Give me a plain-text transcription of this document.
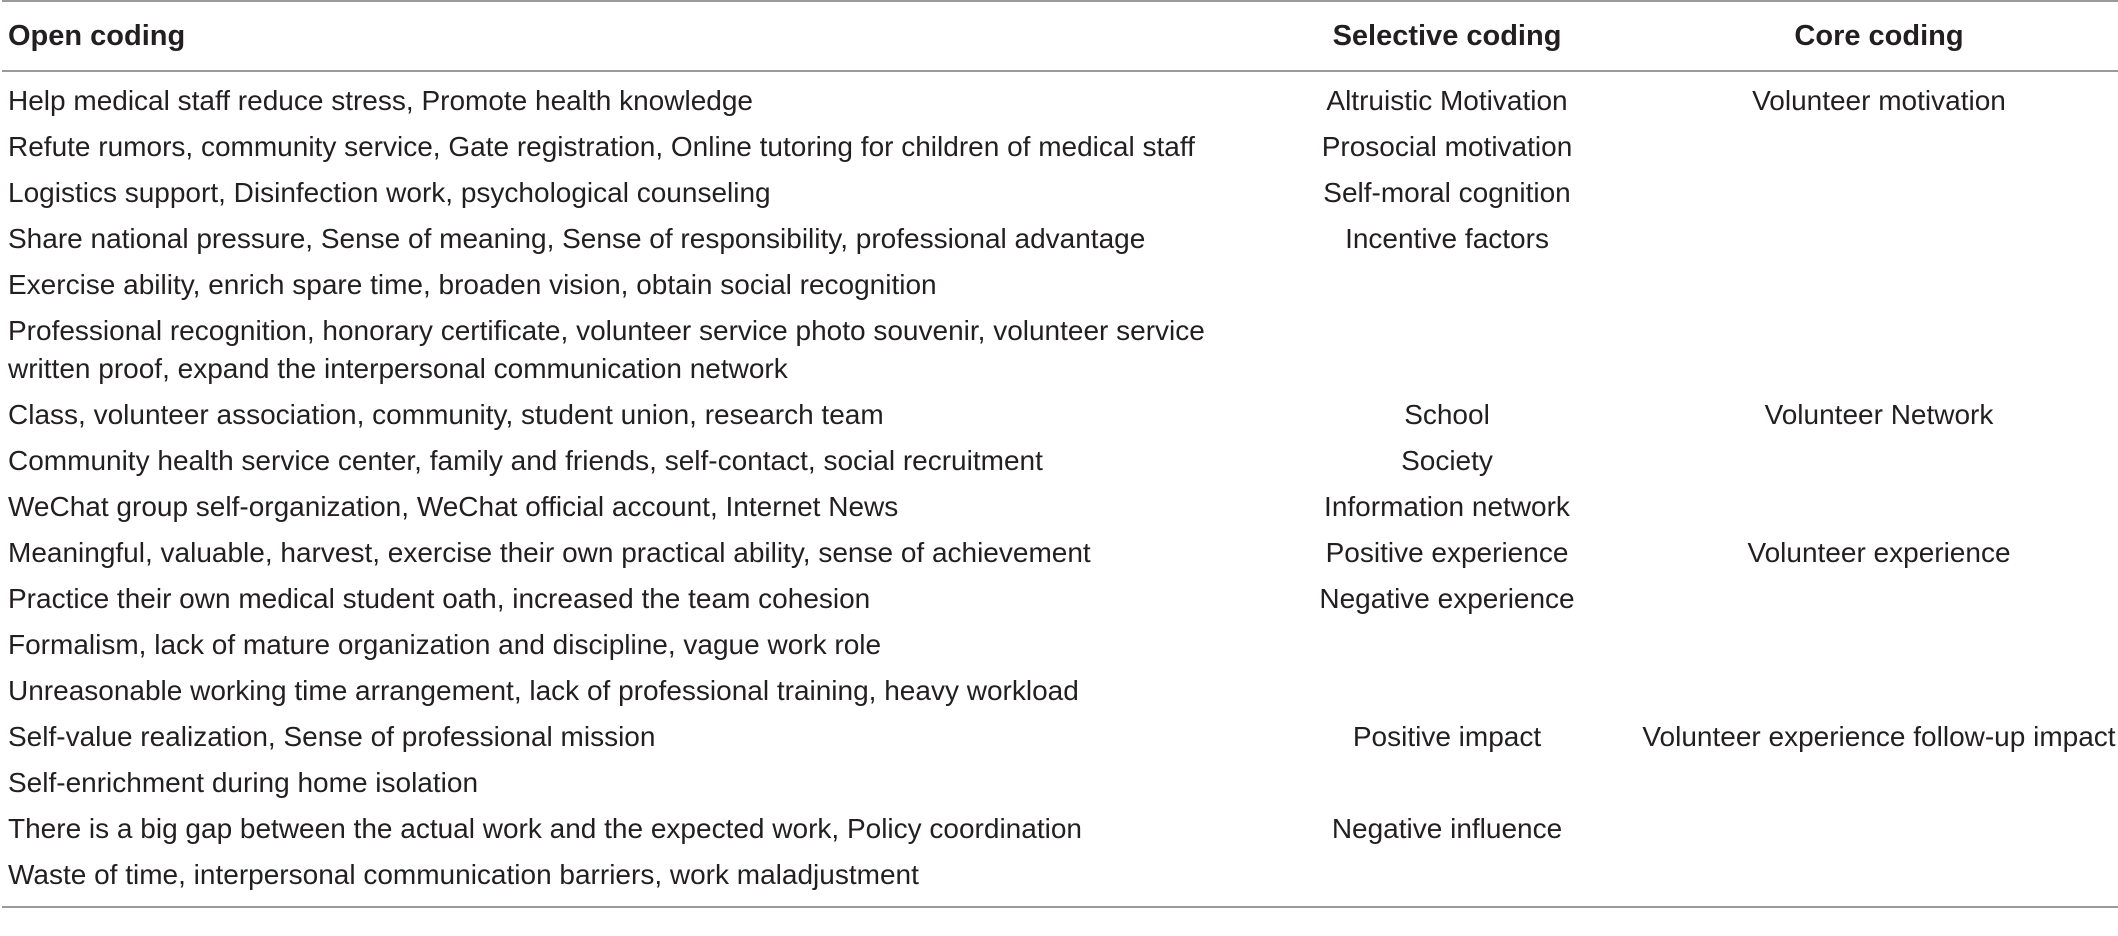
Open coding	Selective coding	Core coding
Help medical staff reduce stress, Promote health knowledge	Altruistic Motivation	Volunteer motivation
Refute rumors, community service, Gate registration, Online tutoring for children of medical staff	Prosocial motivation	
Logistics support, Disinfection work, psychological counseling	Self-moral cognition	
Share national pressure, Sense of meaning, Sense of responsibility, professional advantage	Incentive factors	
Exercise ability, enrich spare time, broaden vision, obtain social recognition		
Professional recognition, honorary certificate, volunteer service photo souvenir, volunteer service written proof, expand the interpersonal communication network		
Class, volunteer association, community, student union, research team	School	Volunteer Network
Community health service center, family and friends, self-contact, social recruitment	Society	
WeChat group self-organization, WeChat official account, Internet News	Information network	
Meaningful, valuable, harvest, exercise their own practical ability, sense of achievement	Positive experience	Volunteer experience
Practice their own medical student oath, increased the team cohesion	Negative experience	
Formalism, lack of mature organization and discipline, vague work role		
Unreasonable working time arrangement, lack of professional training, heavy workload		
Self-value realization, Sense of professional mission	Positive impact	Volunteer experience follow-up impact
Self-enrichment during home isolation		
There is a big gap between the actual work and the expected work, Policy coordination	Negative influence	
Waste of time, interpersonal communication barriers, work maladjustment		
